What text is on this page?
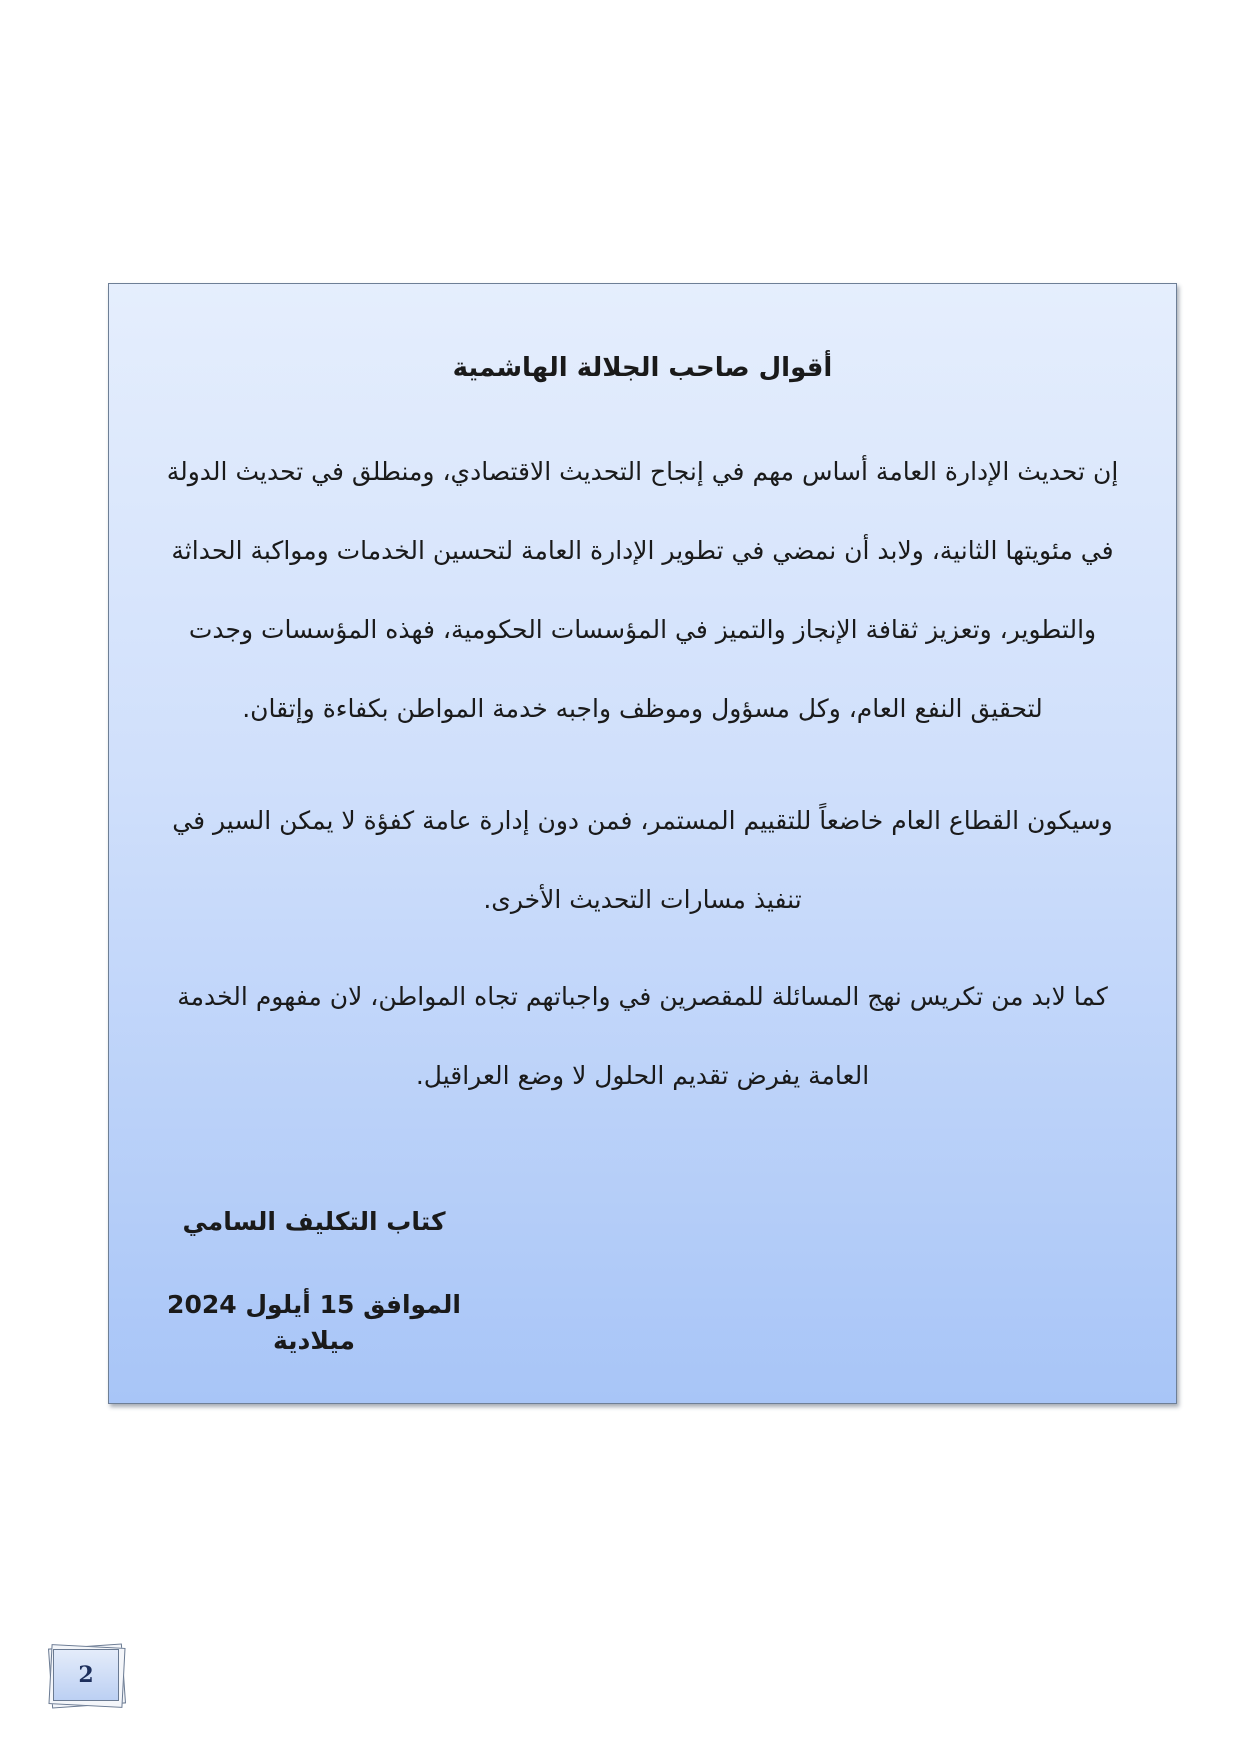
أقوال صاحب الجلالة الهاشمية
إن تحديث الإدارة العامة أساس مهم في إنجاح التحديث الاقتصادي، ومنطلق في تحديث الدولة في مئويتها الثانية، ولابد أن نمضي في تطوير الإدارة العامة لتحسين الخدمات ومواكبة الحداثة والتطوير، وتعزيز ثقافة الإنجاز والتميز في المؤسسات الحكومية، فهذه المؤسسات وجدت لتحقيق النفع العام، وكل مسؤول وموظف واجبه خدمة المواطن بكفاءة وإتقان.
وسيكون القطاع العام خاضعاً للتقييم المستمر، فمن دون إدارة عامة كفؤة لا يمكن السير في تنفيذ مسارات التحديث الأخرى.
كما لابد من تكريس نهج المسائلة للمقصرين في واجباتهم تجاه المواطن، لان مفهوم الخدمة العامة يفرض تقديم الحلول لا وضع العراقيل.
كتاب التكليف السامي
الموافق 15 أيلول 2024 ميلادية
2
